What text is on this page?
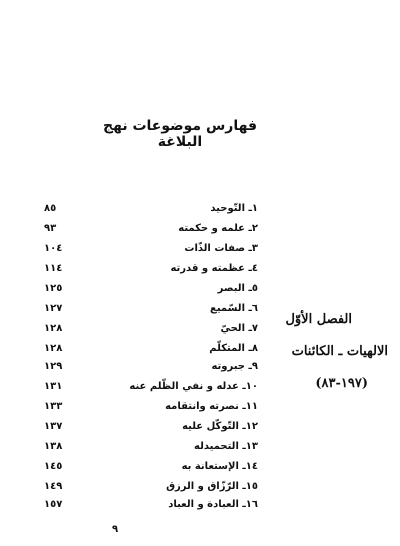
فهارس موضوعات نهج البلاغة
١ـ التّوحيد
٨٥
٢ـ علمه و حكمته
٩٣
٣ـ صفات الذّات
١٠٤
٤ـ عظمته و قدرته
١١٤
٥ـ البصر
١٢٥
٦ـ السّميع
١٢٧
٧ـ الحيّ
١٢٨
٨ـ المتكلّم
١٢٨
٩ـ جبروته
١٢٩
١٠ـ عدله و نفي الظّلم عنه
١٣١
١١ـ نصرته وانتقامه
١٣٣
١٢ـ التّوكّل عليه
١٣٧
١٣ـ التحميدله
١٣٨
١٤ـ الإستعانة به
١٤٥
١٥ـ الرّزّاق و الرزق
١٤٩
١٦ـ العبادة و العباد
١٥٧
الفصل الأوّل
الالهيات ـ الكائنات
(١٩٧-٨٣)
٩
